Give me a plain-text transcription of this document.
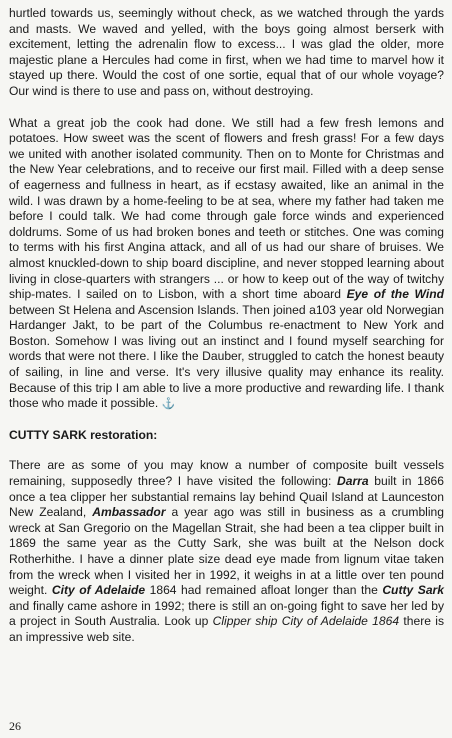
hurtled towards us, seemingly without check, as we watched through the yards and masts. We waved and yelled, with the boys going almost berserk with excitement, letting the adrenalin flow to excess... I was glad the older, more majestic plane a Hercules had come in first, when we had time to marvel how it stayed up there. Would the cost of one sortie, equal that of our whole voyage? Our wind is there to use and pass on, without destroying.

What a great job the cook had done. We still had a few fresh lemons and potatoes. How sweet was the scent of flowers and fresh grass! For a few days we united with another isolated community. Then on to Monte for Christmas and the New Year celebrations, and to receive our first mail. Filled with a deep sense of eagerness and fullness in heart, as if ecstasy awaited, like an animal in the wild. I was drawn by a home-feeling to be at sea, where my father had taken me before I could talk. We had come through gale force winds and experienced doldrums. Some of us had broken bones and teeth or stitches. One was coming to terms with his first Angina attack, and all of us had our share of bruises. We almost knuckled-down to ship board discipline, and never stopped learning about living in close-quarters with strangers ... or how to keep out of the way of twitchy ship-mates. I sailed on to Lisbon, with a short time aboard Eye of the Wind between St Helena and Ascension Islands. Then joined a103 year old Norwegian Hardanger Jakt, to be part of the Columbus re-enactment to New York and Boston. Somehow I was living out an instinct and I found myself searching for words that were not there. I like the Dauber, struggled to catch the honest beauty of sailing, in line and verse. It's very illusive quality may enhance its reality. Because of this trip I am able to live a more productive and rewarding life. I thank those who made it possible. ⚓

CUTTY SARK restoration:

There are as some of you may know a number of composite built vessels remaining, supposedly three? I have visited the following: Darra built in 1866 once a tea clipper her substantial remains lay behind Quail Island at Launceston New Zealand, Ambassador a year ago was still in business as a crumbling wreck at San Gregorio on the Magellan Strait, she had been a tea clipper built in 1869 the same year as the Cutty Sark, she was built at the Nelson dock Rotherhithe. I have a dinner plate size dead eye made from lignum vitae taken from the wreck when I visited her in 1992, it weighs in at a little over ten pound weight. City of Adelaide 1864 had remained afloat longer than the Cutty Sark and finally came ashore in 1992; there is still an on-going fight to save her led by a project in South Australia. Look up Clipper ship City of Adelaide 1864 there is an impressive web site.

26
